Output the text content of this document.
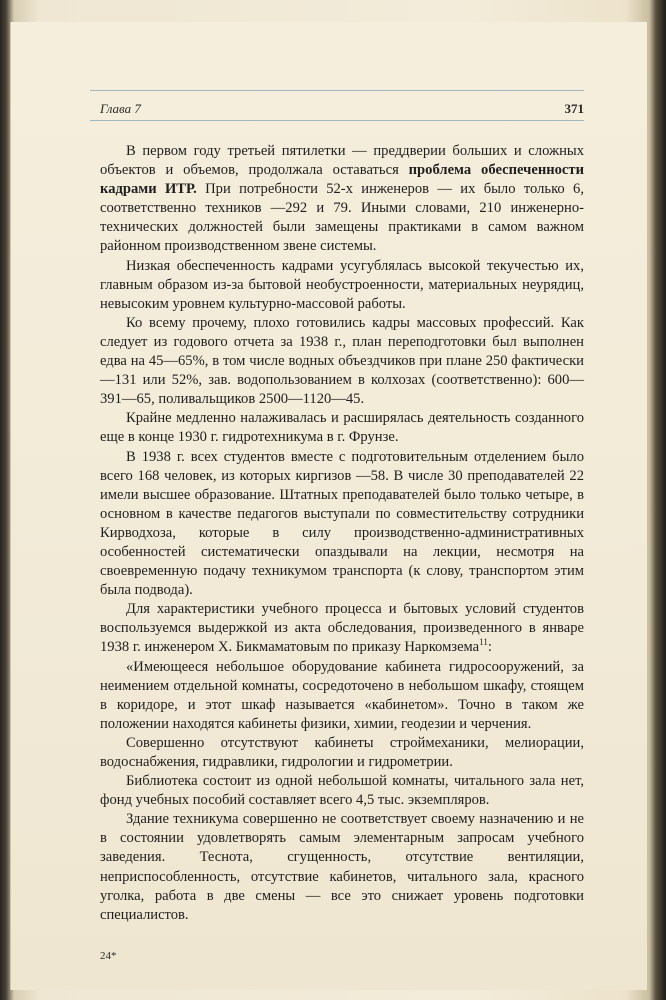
Глава 7	371

В первом году третьей пятилетки — преддверии больших и сложных объектов и объемов, продолжала оставаться проблема обеспеченности кадрами ИТР. При потребности 52-х инженеров — их было только 6, соответственно техников —292 и 79. Иными словами, 210 инженерно-технических должностей были замещены практиками в самом важном районном производственном звене системы.

Низкая обеспеченность кадрами усугублялась высокой текучестью их, главным образом из-за бытовой необустроенности, материальных неурядиц, невысоким уровнем культурно-массовой работы.

Ко всему прочему, плохо готовились кадры массовых профессий. Как следует из годового отчета за 1938 г., план переподготовки был выполнен едва на 45—65%, в том числе водных объездчиков при плане 250 фактически —131 или 52%, зав. водопользованием в колхозах (соответственно): 600—391—65, поливальщиков 2500—1120—45.

Крайне медленно налаживалась и расширялась деятельность созданного еще в конце 1930 г. гидротехникума в г. Фрунзе.

В 1938 г. всех студентов вместе с подготовительным отделением было всего 168 человек, из которых киргизов —58. В числе 30 преподавателей 22 имели высшее образование. Штатных преподавателей было только четыре, в основном в качестве педагогов выступали по совместительству сотрудники Кирводхоза, которые в силу производственно-административных особенностей систематически опаздывали на лекции, несмотря на своевременную подачу техникумом транспорта (к слову, транспортом этим была подвода).

Для характеристики учебного процесса и бытовых условий студентов воспользуемся выдержкой из акта обследования, произведенного в январе 1938 г. инженером Х. Бикмаматовым по приказу Наркомзема$^{11}$:

«Имеющееся небольшое оборудование кабинета гидросооружений, за неимением отдельной комнаты, сосредоточено в небольшом шкафу, стоящем в коридоре, и этот шкаф называется «кабинетом». Точно в таком же положении находятся кабинеты физики, химии, геодезии и черчения.

Совершенно отсутствуют кабинеты строймеханики, мелиорации, водоснабжения, гидравлики, гидрологии и гидрометрии.

Библиотека состоит из одной небольшой комнаты, читального зала нет, фонд учебных пособий составляет всего 4,5 тыс. экземпляров.

Здание техникума совершенно не соответствует своему назначению и не в состоянии удовлетворять самым элементарным запросам учебного заведения. Теснота, сгущенность, отсутствие вентиляции, неприспособленность, отсутствие кабинетов, читального зала, красного уголка, работа в две смены — все это снижает уровень подготовки специалистов.

24*
